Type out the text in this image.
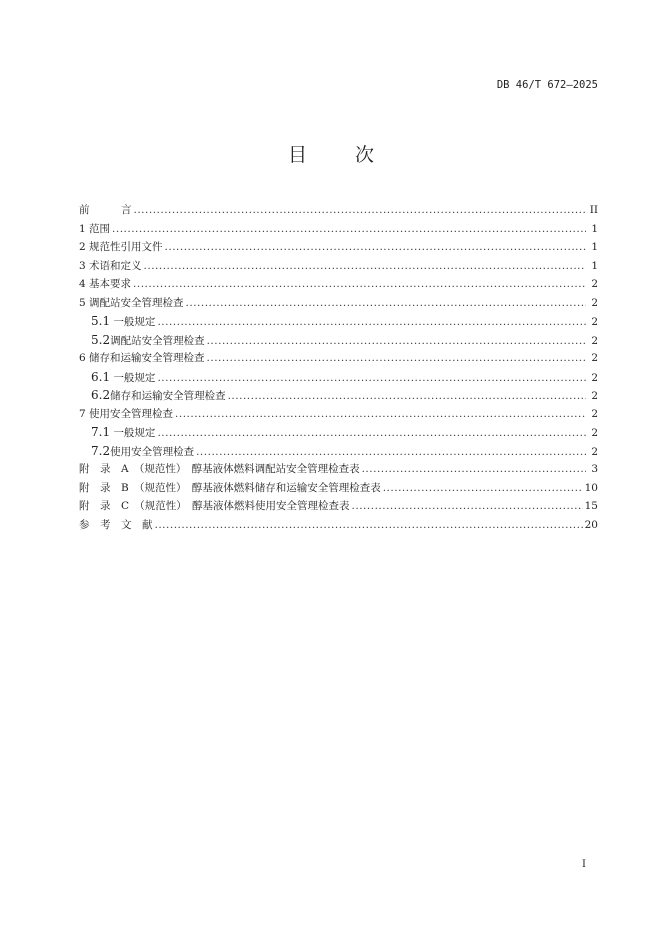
DB 46/T 672—2025
目	次
前　　　言 .....	II
1 范围 .....	1
2 规范性引用文件 .....	1
3 术语和定义 .....	1
4 基本要求 .....	2
5 调配站安全管理检查 .....	2
5.1 一般规定 .....	2
5.2调配站安全管理检查 .....	2
6 储存和运输安全管理检查 .....	2
6.1 一般规定 .....	2
6.2储存和运输安全管理检查 .....	2
7 使用安全管理检查 .....	2
7.1 一般规定 .....	2
7.2使用安全管理检查 .....	2
附　录　A　（规范性）　醇基液体燃料调配站安全管理检查表 .....	3
附　录　B　（规范性）　醇基液体燃料储存和运输安全管理检查表 .....	10
附　录　C　（规范性）　醇基液体燃料使用安全管理检查表 .....	15
参　考　文　献 .....	20
I
